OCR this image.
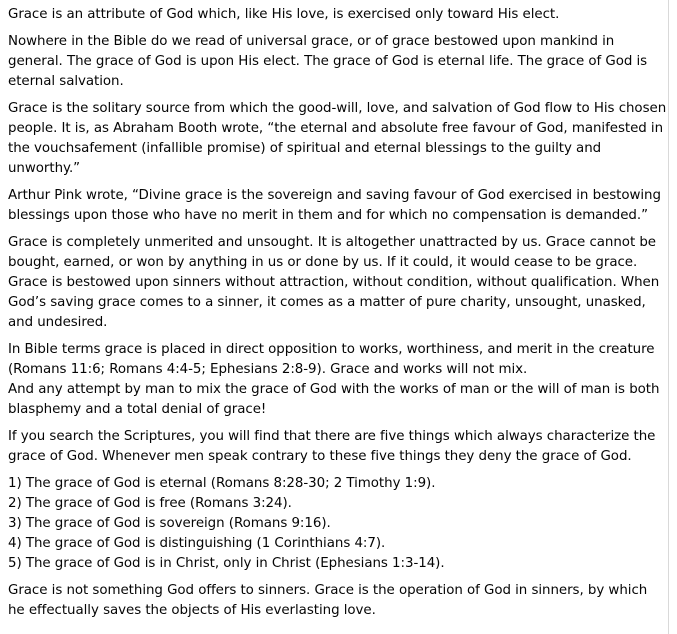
Grace is an attribute of God which, like His love, is exercised only toward His elect.

Nowhere in the Bible do we read of universal grace, or of grace bestowed upon mankind in general. The grace of God is upon His elect. The grace of God is eternal life. The grace of God is eternal salvation.

Grace is the solitary source from which the good-will, love, and salvation of God flow to His chosen people. It is, as Abraham Booth wrote, “the eternal and absolute free favour of God, manifested in the vouchsafement (infallible promise) of spiritual and eternal blessings to the guilty and unworthy.”

Arthur Pink wrote, “Divine grace is the sovereign and saving favour of God exercised in bestowing blessings upon those who have no merit in them and for which no compensation is demanded.”

Grace is completely unmerited and unsought. It is altogether unattracted by us. Grace cannot be bought, earned, or won by anything in us or done by us. If it could, it would cease to be grace. Grace is bestowed upon sinners without attraction, without condition, without qualification. When God’s saving grace comes to a sinner, it comes as a matter of pure charity, unsought, unasked, and undesired.

In Bible terms grace is placed in direct opposition to works, worthiness, and merit in the creature (Romans 11:6; Romans 4:4-5; Ephesians 2:8-9). Grace and works will not mix.
And any attempt by man to mix the grace of God with the works of man or the will of man is both blasphemy and a total denial of grace!

If you search the Scriptures, you will find that there are five things which always characterize the grace of God. Whenever men speak contrary to these five things they deny the grace of God.

1) The grace of God is eternal (Romans 8:28-30; 2 Timothy 1:9).
2) The grace of God is free (Romans 3:24).
3) The grace of God is sovereign (Romans 9:16).
4) The grace of God is distinguishing (1 Corinthians 4:7).
5) The grace of God is in Christ, only in Christ (Ephesians 1:3-14).

Grace is not something God offers to sinners. Grace is the operation of God in sinners, by which he effectually saves the objects of His everlasting love.
